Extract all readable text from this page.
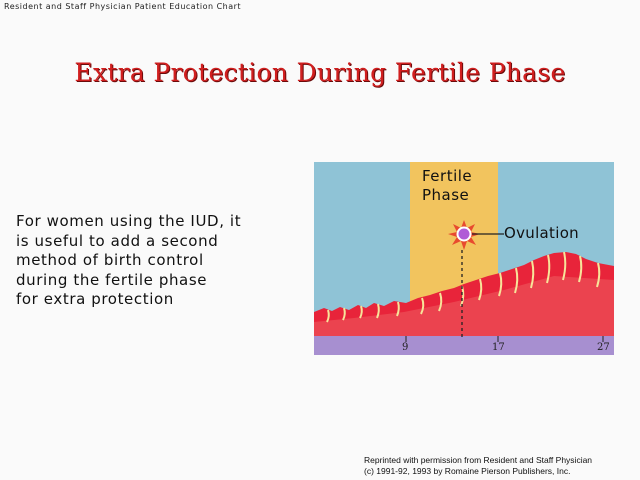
Resident and Staff Physician Patient Education Chart
Extra Protection During Fertile Phase
For women using the IUD, it
is useful to add a second
method of birth control
during the fertile phase
for extra protection
Fertile
Phase
Ovulation
9	17	27
Reprinted with permission from Resident and Staff Physician
(c) 1991-92, 1993 by Romaine Pierson Publishers, Inc.
